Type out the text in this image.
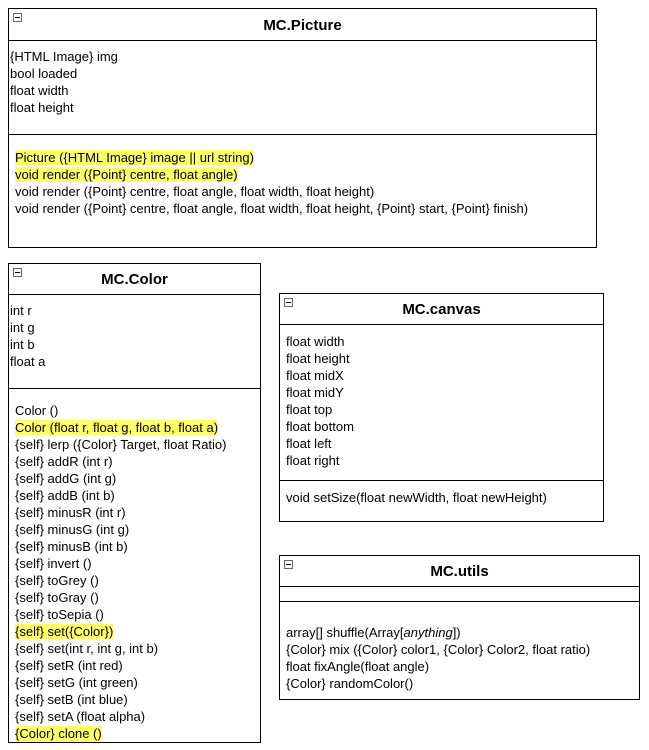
MC.Picture
{HTML Image} img
bool loaded
float width
float height
Picture ({HTML Image} image || url string)
void render ({Point} centre, float angle)
void render ({Point} centre, float angle, float width, float height)
void render ({Point} centre, float angle, float width, float height, {Point} start, {Point} finish)
MC.Color
int r
int g
int b
float a
Color ()
Color (float r, float g, float b, float a)
{self} lerp ({Color} Target, float Ratio)
{self} addR (int r)
{self} addG (int g)
{self} addB (int b)
{self} minusR (int r)
{self} minusG (int g)
{self} minusB (int b)
{self} invert ()
{self} toGrey ()
{self} toGray ()
{self} toSepia ()
{self} set({Color})
{self} set(int r, int g, int b)
{self} setR (int red)
{self} setG (int green)
{self} setB (int blue)
{self} setA (float alpha)
{Color} clone ()
MC.canvas
float width
float height
float midX
float midY
float top
float bottom
float left
float right
void setSize(float newWidth, float newHeight)
MC.utils
array[] shuffle(Array[anything])
{Color} mix ({Color} color1, {Color} Color2, float ratio)
float fixAngle(float angle)
{Color} randomColor()
